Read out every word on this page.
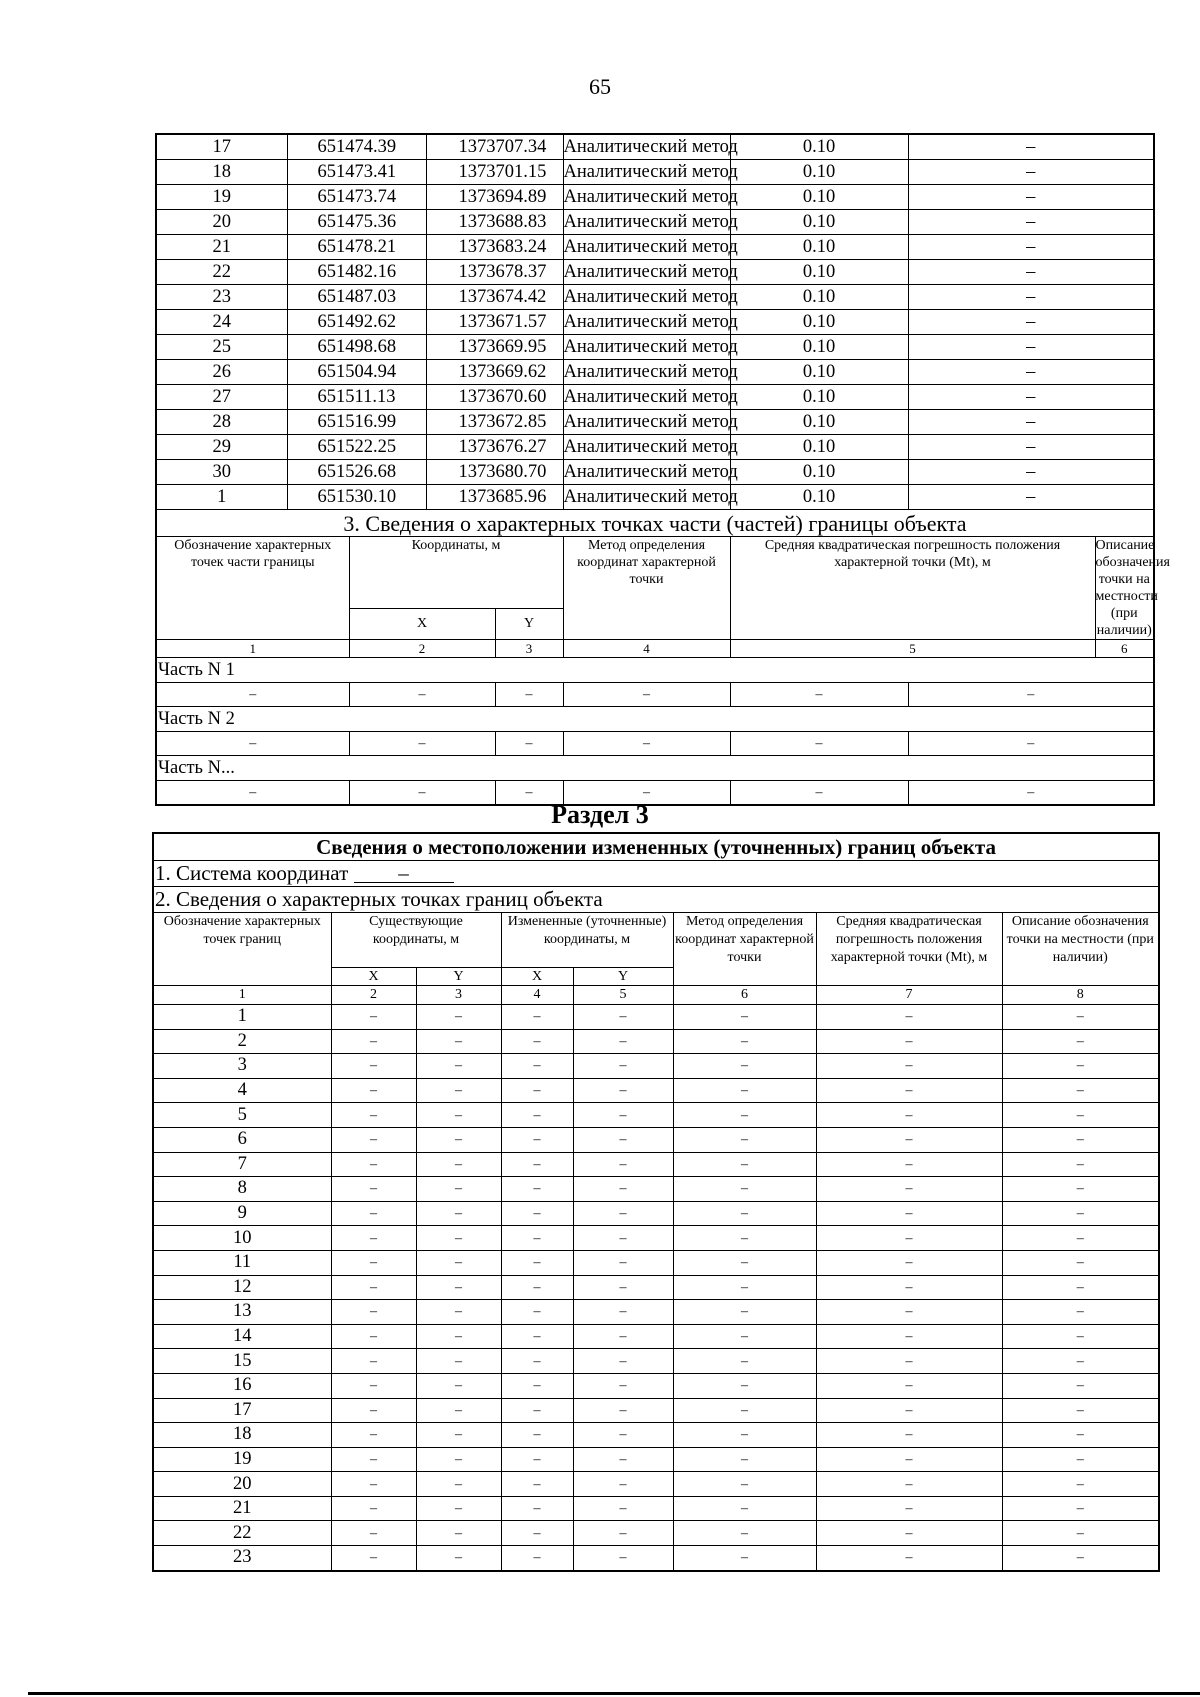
65
17	651474.39	1373707.34	Аналитический метод	0.10	–
18	651473.41	1373701.15	Аналитический метод	0.10	–
19	651473.74	1373694.89	Аналитический метод	0.10	–
20	651475.36	1373688.83	Аналитический метод	0.10	–
21	651478.21	1373683.24	Аналитический метод	0.10	–
22	651482.16	1373678.37	Аналитический метод	0.10	–
23	651487.03	1373674.42	Аналитический метод	0.10	–
24	651492.62	1373671.57	Аналитический метод	0.10	–
25	651498.68	1373669.95	Аналитический метод	0.10	–
26	651504.94	1373669.62	Аналитический метод	0.10	–
27	651511.13	1373670.60	Аналитический метод	0.10	–
28	651516.99	1373672.85	Аналитический метод	0.10	–
29	651522.25	1373676.27	Аналитический метод	0.10	–
30	651526.68	1373680.70	Аналитический метод	0.10	–
1	651530.10	1373685.96	Аналитический метод	0.10	–
3. Сведения о характерных точках части (частей) границы объекта
Обозначение характерных точек части границы	Координаты, м	Метод определения координат характерной точки	Средняя квадратическая погрешность положения характерной точки (Mt), м	Описание обозначения точки на местности (при наличии)
X	Y
1	2	3	4	5	6
Часть N 1
–	–	–	–	–	–
Часть N 2
–	–	–	–	–	–
Часть N...
–	–	–	–	–	–
Раздел 3
Сведения о местоположении измененных (уточненных) границ объекта
1. Система координат –
2. Сведения о характерных точках границ объекта
Обозначение характерных точек границ	Существующие координаты, м	Измененные (уточненные) координаты, м	Метод определения координат характерной точки	Средняя квадратическая погрешность положения характерной точки (Mt), м	Описание обозначения точки на местности (при наличии)
X	Y	X	Y
1	2	3	4	5	6	7	8
1	–	–	–	–	–	–	–
2	–	–	–	–	–	–	–
3	–	–	–	–	–	–	–
4	–	–	–	–	–	–	–
5	–	–	–	–	–	–	–
6	–	–	–	–	–	–	–
7	–	–	–	–	–	–	–
8	–	–	–	–	–	–	–
9	–	–	–	–	–	–	–
10	–	–	–	–	–	–	–
11	–	–	–	–	–	–	–
12	–	–	–	–	–	–	–
13	–	–	–	–	–	–	–
14	–	–	–	–	–	–	–
15	–	–	–	–	–	–	–
16	–	–	–	–	–	–	–
17	–	–	–	–	–	–	–
18	–	–	–	–	–	–	–
19	–	–	–	–	–	–	–
20	–	–	–	–	–	–	–
21	–	–	–	–	–	–	–
22	–	–	–	–	–	–	–
23	–	–	–	–	–	–	–
